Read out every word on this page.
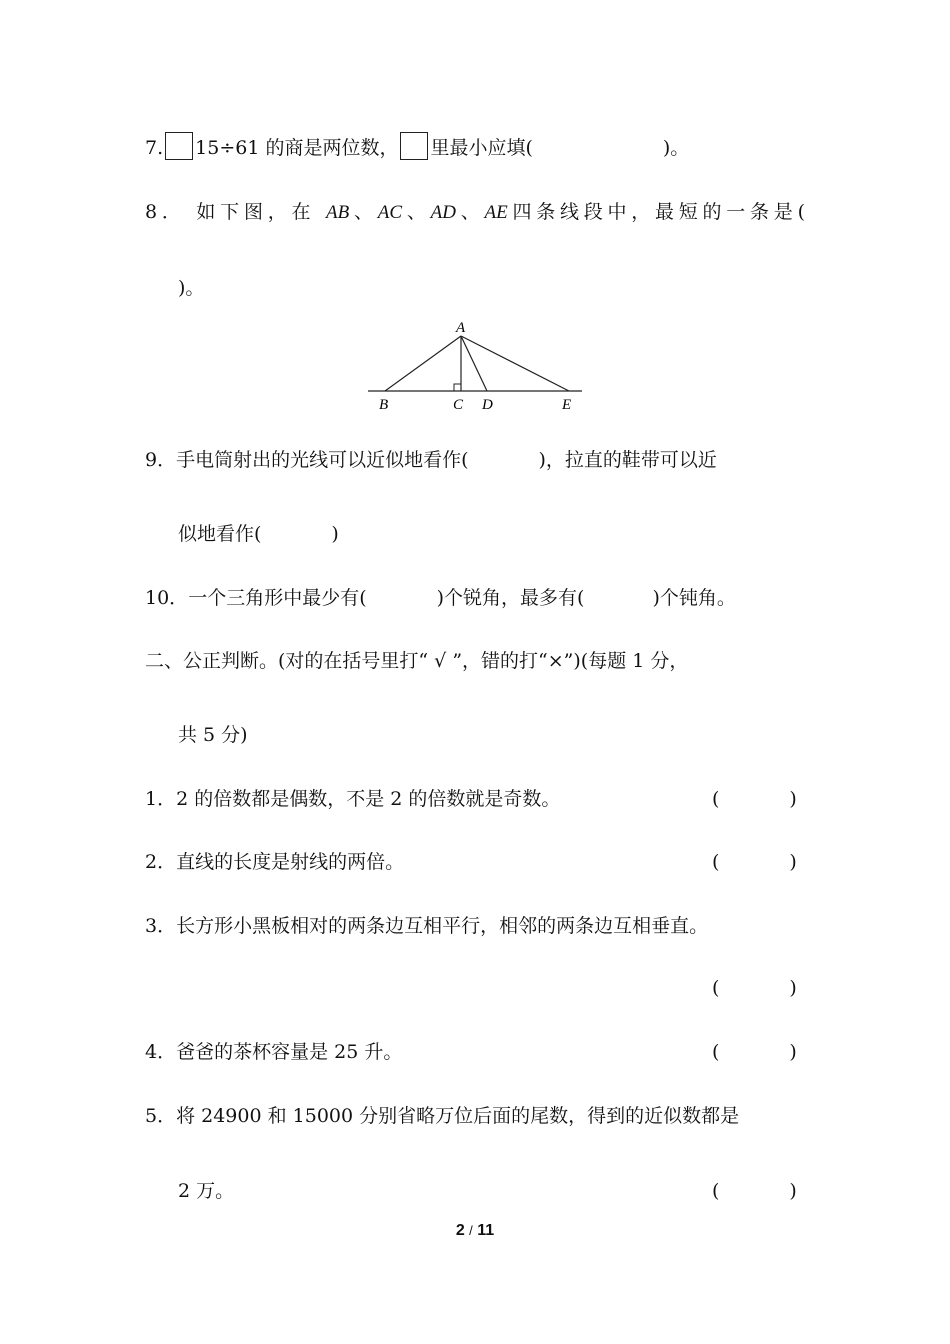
7. 15÷61 的商是两位数， 里最小应填(	)。
8． 如下图，在 AB、AC、AD、AE四条线段中，最短的一条是(
)。
A
B	C D	E
9．手电筒射出的光线可以近似地看作(	)，拉直的鞋带可以近
似地看作(	)
10．一个三角形中最少有(	)个锐角，最多有(	)个钝角。
二、公正判断。(对的在括号里打“ √ ”，错的打“×”)(每题 1 分，
共 5 分)
1．2 的倍数都是偶数，不是 2 的倍数就是奇数。	(	)
2．直线的长度是射线的两倍。	(	)
3．长方形小黑板相对的两条边互相平行，相邻的两条边互相垂直。
(	)
4．爸爸的茶杯容量是 25 升。	(	)
5．将 24900 和 15000 分别省略万位后面的尾数，得到的近似数都是
2 万。	(	)
2 / 11
